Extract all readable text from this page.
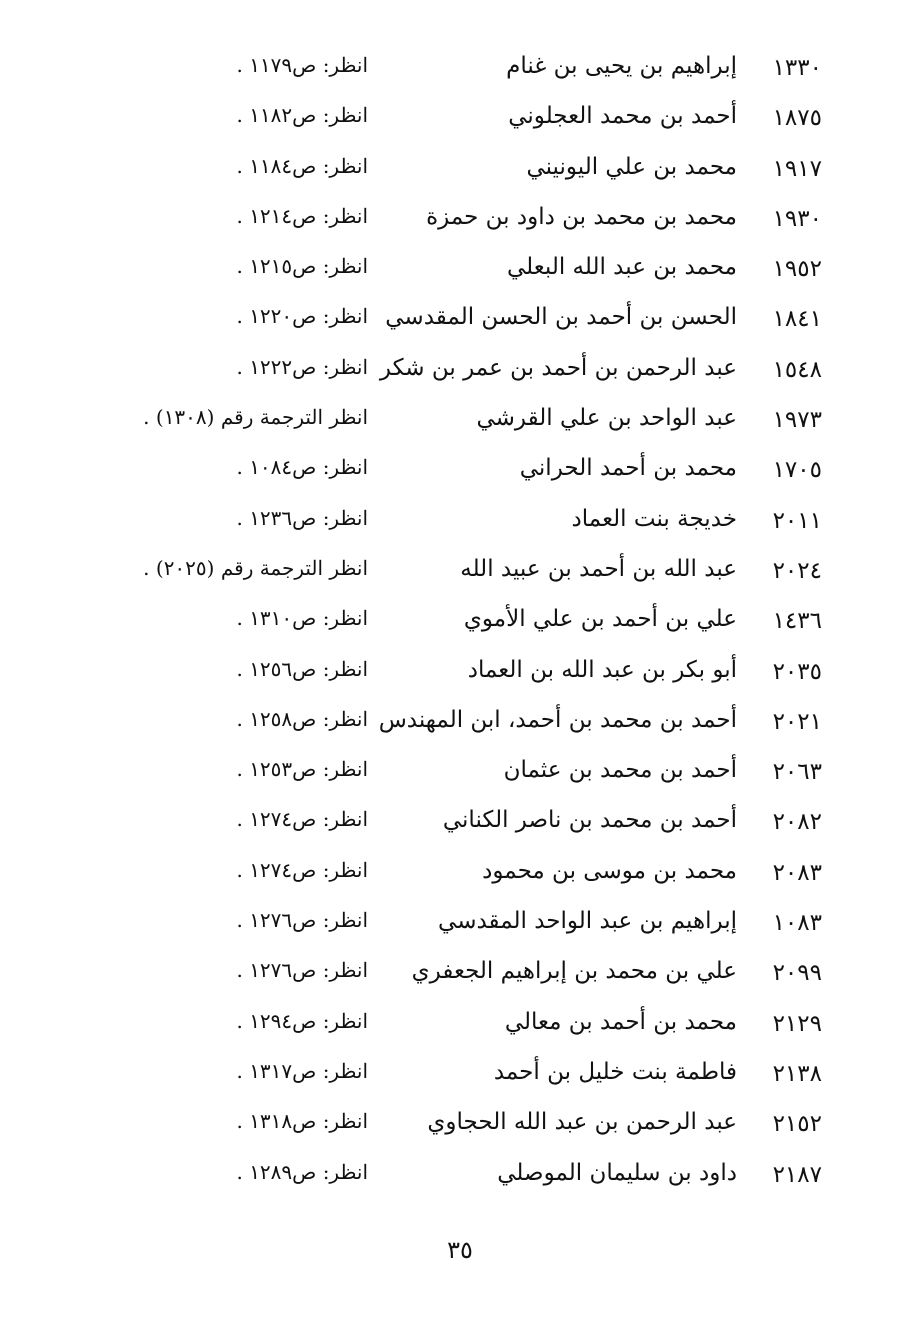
١٣٣٠
إبراهيم بن يحيى بن غنام
انظر: ص١١٧٩ .
١٨٧٥
أحمد بن محمد العجلوني
انظر: ص١١٨٢ .
١٩١٧
محمد بن علي اليونيني
انظر: ص١١٨٤ .
١٩٣٠
محمد بن محمد بن داود بن حمزة
انظر: ص١٢١٤ .
١٩٥٢
محمد بن عبد الله البعلي
انظر: ص١٢١٥ .
١٨٤١
الحسن بن أحمد بن الحسن المقدسي
انظر: ص١٢٢٠ .
١٥٤٨
عبد الرحمن بن أحمد بن عمر بن شكر
انظر: ص١٢٢٢ .
١٩٧٣
عبد الواحد بن علي القرشي
انظر الترجمة رقم (١٣٠٨) .
١٧٠٥
محمد بن أحمد الحراني
انظر: ص١٠٨٤ .
٢٠١١
خديجة بنت العماد
انظر: ص١٢٣٦ .
٢٠٢٤
عبد الله بن أحمد بن عبيد الله
انظر الترجمة رقم (٢٠٢٥) .
١٤٣٦
علي بن أحمد بن علي الأموي
انظر: ص١٣١٠ .
٢٠٣٥
أبو بكر بن عبد الله بن العماد
انظر: ص١٢٥٦ .
٢٠٢١
أحمد بن محمد بن أحمد، ابن المهندس
انظر: ص١٢٥٨ .
٢٠٦٣
أحمد بن محمد بن عثمان
انظر: ص١٢٥٣ .
٢٠٨٢
أحمد بن محمد بن ناصر الكناني
انظر: ص١٢٧٤ .
٢٠٨٣
محمد بن موسى بن محمود
انظر: ص١٢٧٤ .
١٠٨٣
إبراهيم بن عبد الواحد المقدسي
انظر: ص١٢٧٦ .
٢٠٩٩
علي بن محمد بن إبراهيم الجعفري
انظر: ص١٢٧٦ .
٢١٢٩
محمد بن أحمد بن معالي
انظر: ص١٢٩٤ .
٢١٣٨
فاطمة بنت خليل بن أحمد
انظر: ص١٣١٧ .
٢١٥٢
عبد الرحمن بن عبد الله الحجاوي
انظر: ص١٣١٨ .
٢١٨٧
داود بن سليمان الموصلي
انظر: ص١٢٨٩ .
٣٥
